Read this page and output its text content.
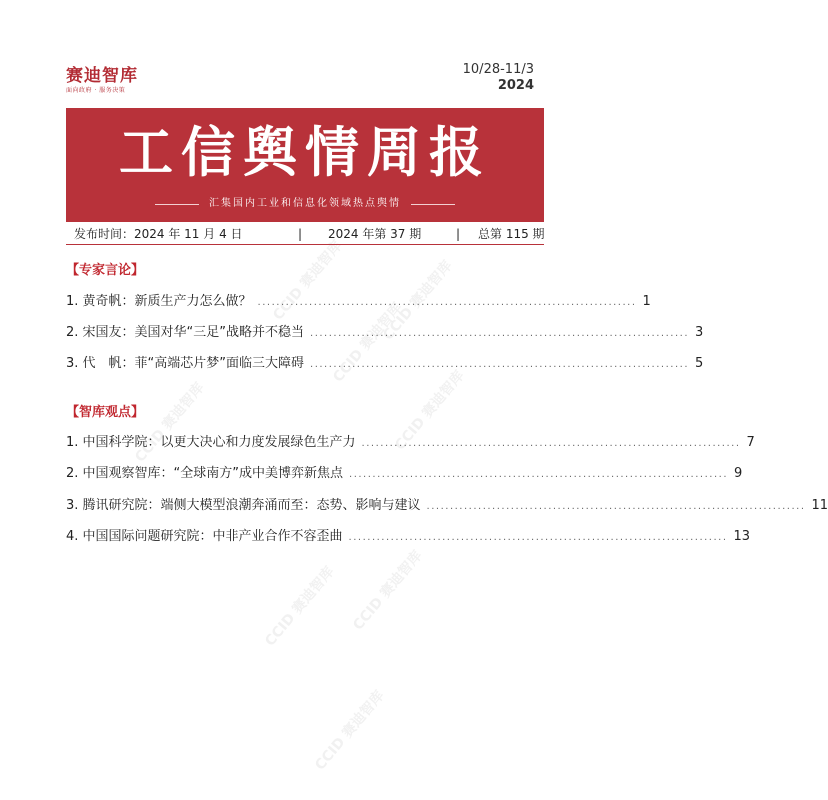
CCID 赛迪智库 CCID 赛迪智库
CCID 赛迪智库
CCID 赛迪智库	CCID 赛迪智库
CCID 赛迪智库 CCID 赛迪智库
CCID 赛迪智库
赛迪智库
面向政府 · 服务决策
10/28-11/3
2024
工信舆情周报
汇集国内工业和信息化领域热点舆情
发布时间：2024 年 11 月 4 日	| 2024 年第 37 期	| 总第 115 期
【专家言论】
1. 黄奇帆：新质生产力怎么做？ ................................................................................. 1
2. 宋国友：美国对华“三足”战略并不稳当 ................................................................................. 3
3. 代　帆：菲“高端芯片梦”面临三大障碍 ................................................................................. 5
【智库观点】
1. 中国科学院：以更大决心和力度发展绿色生产力 ................................................................................. 7
2. 中国观察智库：“全球南方”成中美博弈新焦点 ................................................................................. 9
3. 腾讯研究院：端侧大模型浪潮奔涌而至：态势、影响与建议 ................................................................................. 11
4. 中国国际问题研究院：中非产业合作不容歪曲 ................................................................................. 13
